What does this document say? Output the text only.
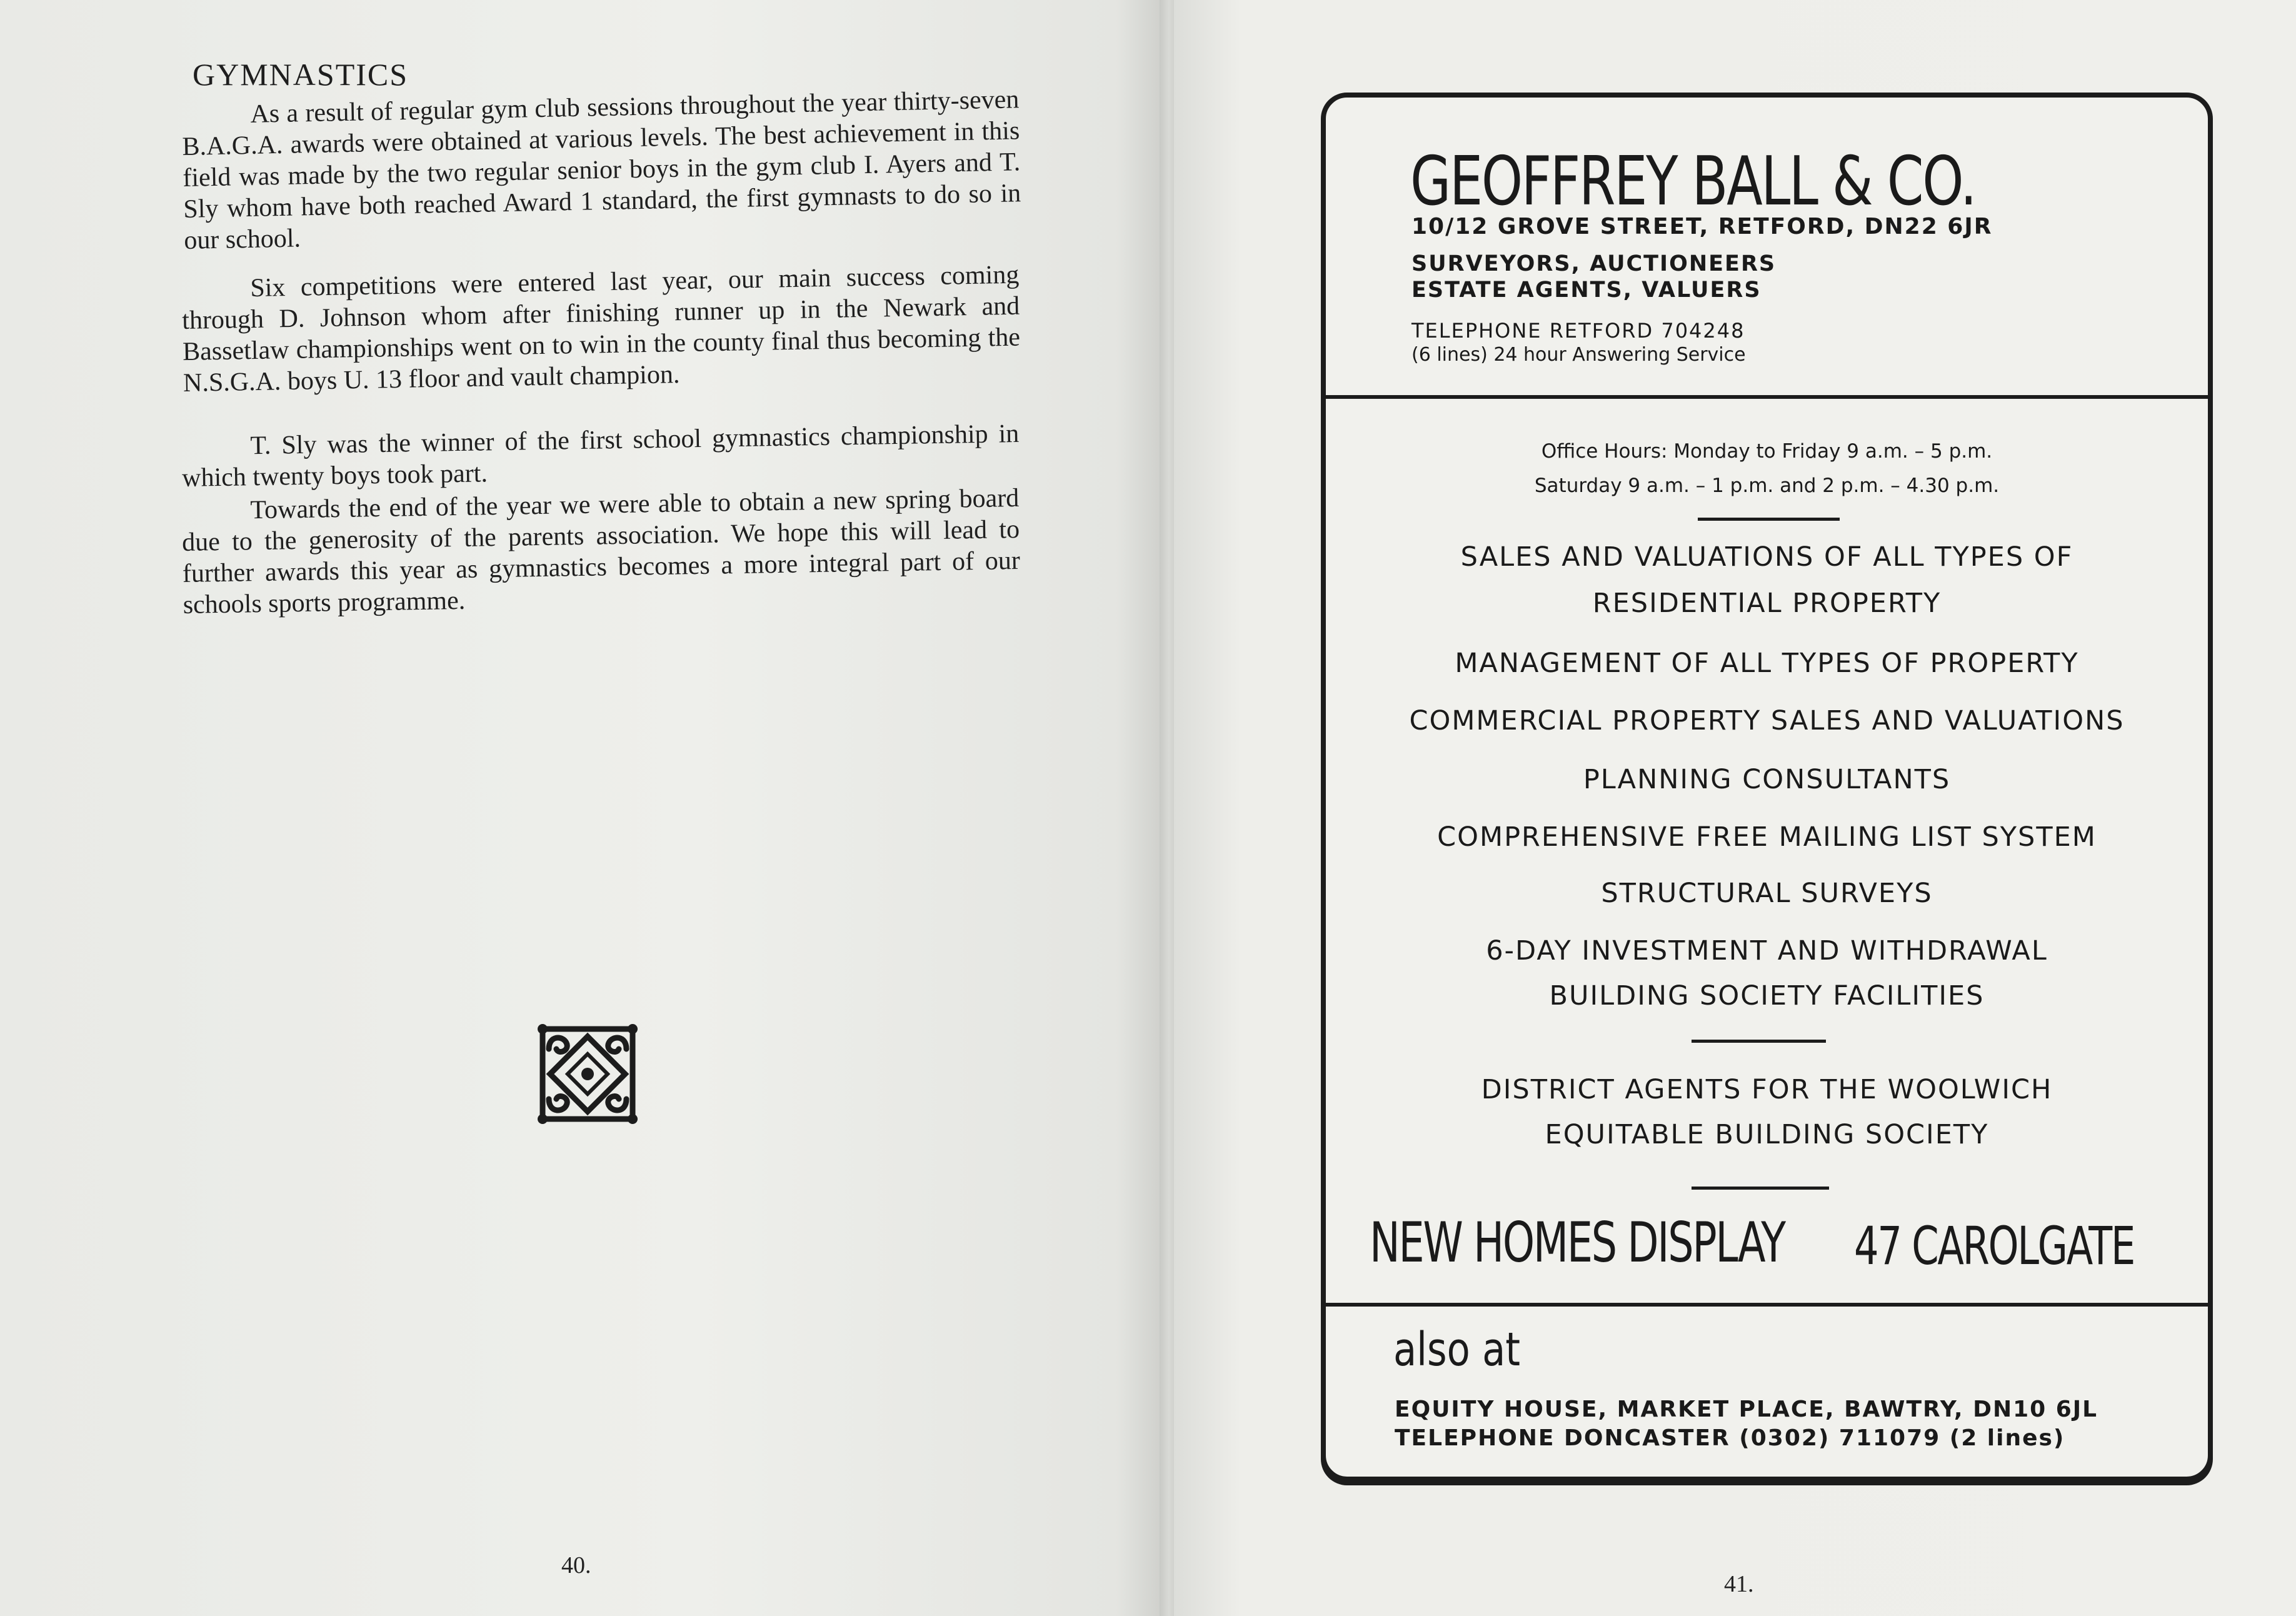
GYMNASTICS

As a result of regular gym club sessions throughout the year thirty-seven B.A.G.A. awards were obtained at various levels. The best achievement in this field was made by the two regular senior boys in the gym club I. Ayers and T. Sly whom have both reached Award 1 standard, the first gymnasts to do so in our school.

Six competitions were entered last year, our main success coming through D. Johnson whom after finishing runner up in the Newark and Bassetlaw championships went on to win in the county final thus becoming the N.S.G.A. boys U. 13 floor and vault champion.

T. Sly was the winner of the first school gymnastics championship in which twenty boys took part.

Towards the end of the year we were able to obtain a new spring board due to the generosity of the parents association. We hope this will lead to further awards this year as gymnastics becomes a more integral part of our schools sports programme.

40.
41.
GEOFFREY BALL & CO.
10/12 GROVE STREET, RETFORD, DN22 6JR
SURVEYORS, AUCTIONEERS
ESTATE AGENTS, VALUERS
TELEPHONE RETFORD 704248
(6 lines) 24 hour Answering Service
Office Hours: Monday to Friday 9 a.m. – 5 p.m.
Saturday 9 a.m. – 1 p.m. and 2 p.m. – 4.30 p.m.
SALES AND VALUATIONS OF ALL TYPES OF
RESIDENTIAL PROPERTY
MANAGEMENT OF ALL TYPES OF PROPERTY
COMMERCIAL PROPERTY SALES AND VALUATIONS
PLANNING CONSULTANTS
COMPREHENSIVE FREE MAILING LIST SYSTEM
STRUCTURAL SURVEYS
6-DAY INVESTMENT AND WITHDRAWAL
BUILDING SOCIETY FACILITIES
DISTRICT AGENTS FOR THE WOOLWICH
EQUITABLE BUILDING SOCIETY
NEW HOMES DISPLAY 47 CAROLGATE
also at
EQUITY HOUSE, MARKET PLACE, BAWTRY, DN10 6JL
TELEPHONE DONCASTER (0302) 711079 (2 lines)
